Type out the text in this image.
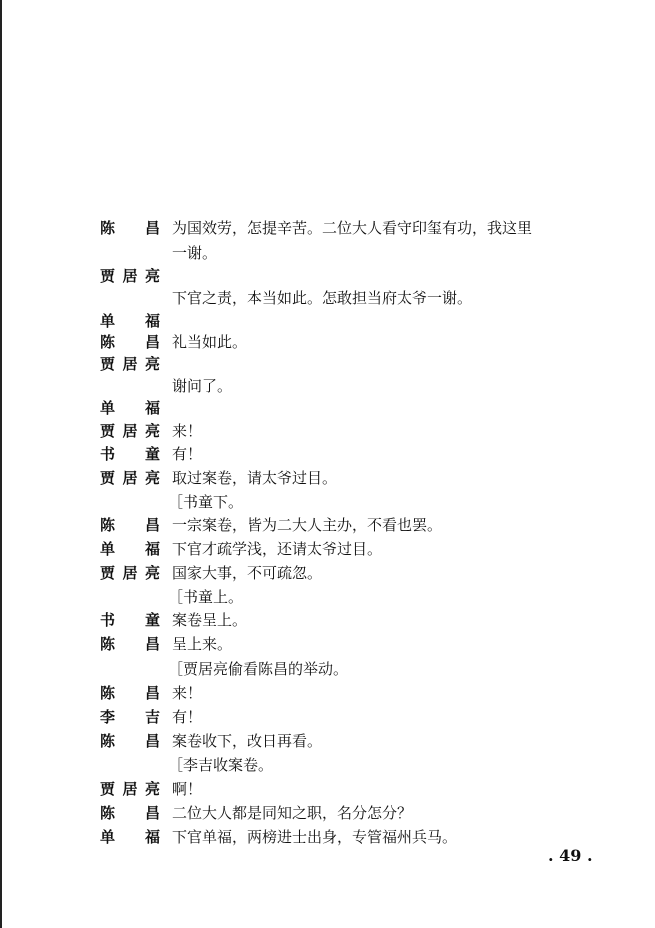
陈 昌 为国效劳，怎提辛苦。二位大人看守印玺有功，我这里
一谢。
贾 居 亮
下官之责，本当如此。怎敢担当府太爷一谢。
单 福
陈 昌 礼当如此。
贾 居 亮
谢问了。
单 福
贾 居 亮 来！
书 童 有！
贾 居 亮 取过案卷，请太爷过目。
［书童下。
陈 昌 一宗案卷，皆为二大人主办，不看也罢。
单 福 下官才疏学浅，还请太爷过目。
贾 居 亮 国家大事，不可疏忽。
［书童上。
书 童 案卷呈上。
陈 昌 呈上来。
［贾居亮偷看陈昌的举动。
陈 昌 来！
李 吉 有！
陈 昌 案卷收下，改日再看。
［李吉收案卷。
贾 居 亮 啊！
陈 昌 二位大人都是同知之职，名分怎分？
单 福 下官单福，两榜进士出身，专管福州兵马。
. 49 .
